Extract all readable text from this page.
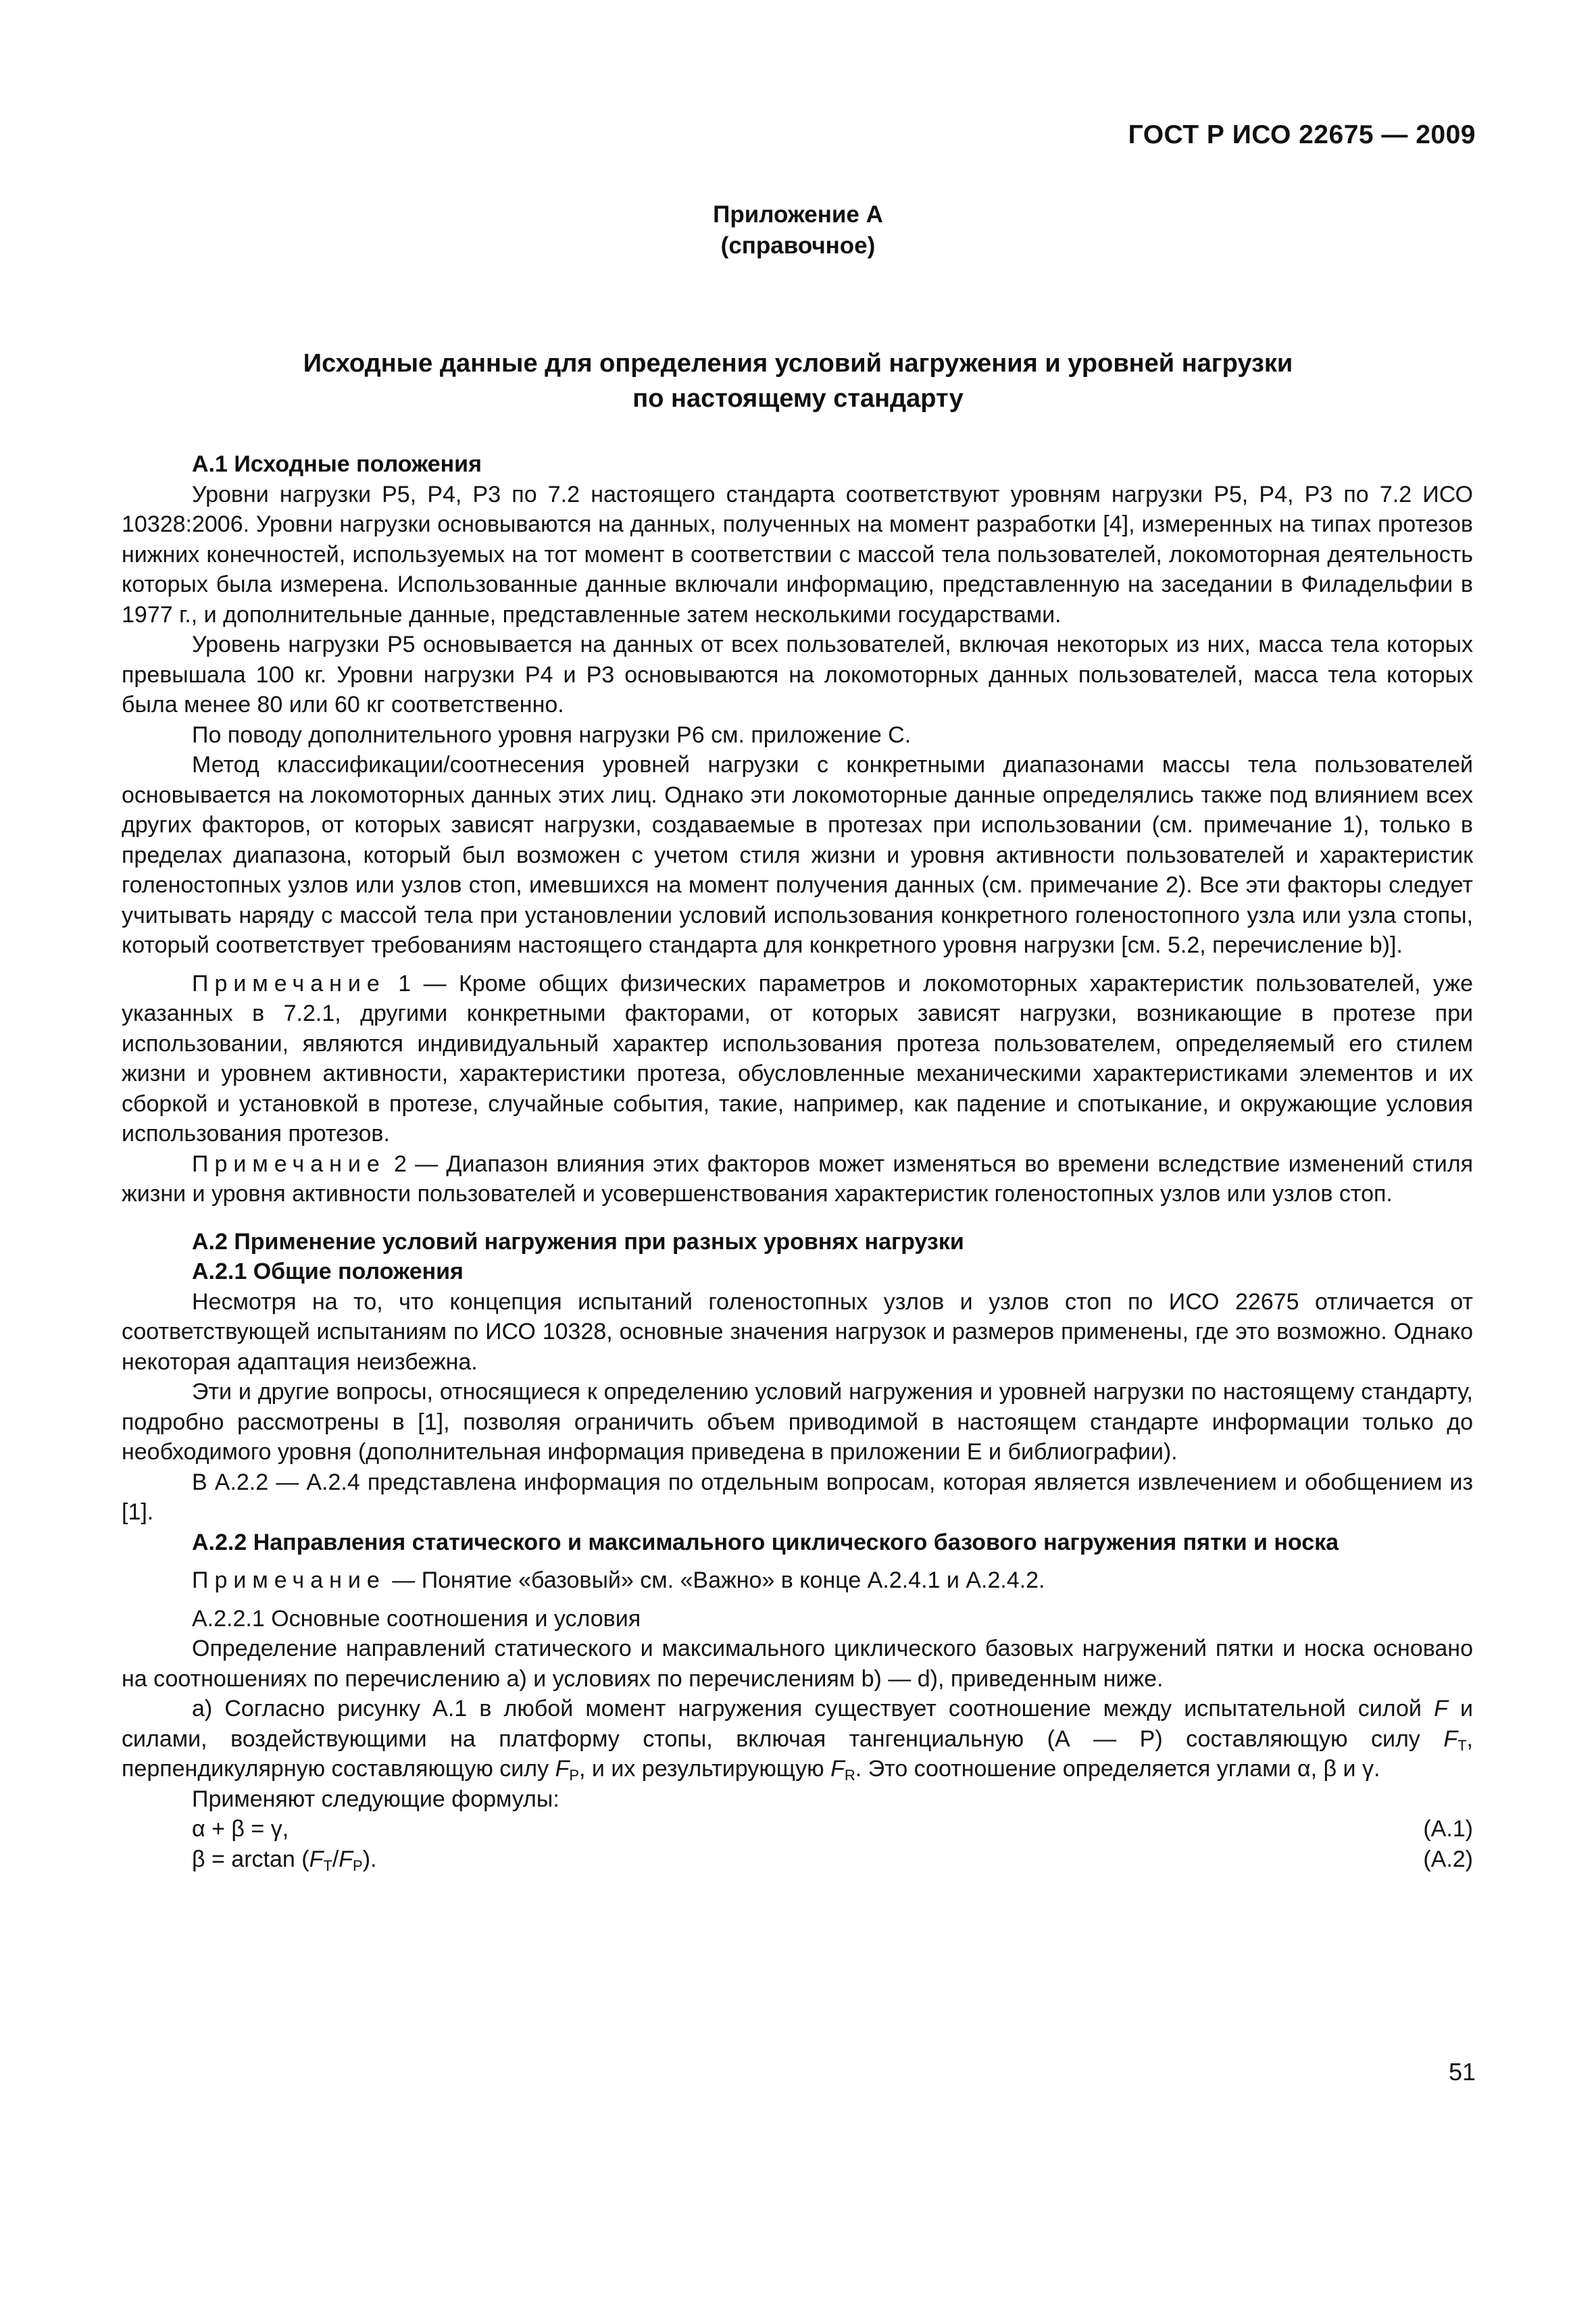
ГОСТ Р ИСО 22675 — 2009
Приложение А
(справочное)
Исходные данные для определения условий нагружения и уровней нагрузки
по настоящему стандарту

А.1 Исходные положения

Уровни нагрузки Р5, Р4, Р3 по 7.2 настоящего стандарта соответствуют уровням нагрузки Р5, Р4, Р3 по 7.2 ИСО 10328:2006. Уровни нагрузки основываются на данных, полученных на момент разработки [4], измеренных на типах протезов нижних конечностей, используемых на тот момент в соответствии с массой тела пользователей, локомоторная деятельность которых была измерена. Использованные данные включали информацию, представленную на заседании в Филадельфии в 1977 г., и дополнительные данные, представленные затем несколькими государствами.

Уровень нагрузки Р5 основывается на данных от всех пользователей, включая некоторых из них, масса тела которых превышала 100 кг. Уровни нагрузки Р4 и Р3 основываются на локомоторных данных пользователей, масса тела которых была менее 80 или 60 кг соответственно.

По поводу дополнительного уровня нагрузки Р6 см. приложение С.

Метод классификации/соотнесения уровней нагрузки с конкретными диапазонами массы тела пользователей основывается на локомоторных данных этих лиц. Однако эти локомоторные данные определялись также под влиянием всех других факторов, от которых зависят нагрузки, создаваемые в протезах при использовании (см. примечание 1), только в пределах диапазона, который был возможен с учетом стиля жизни и уровня активности пользователей и характеристик голеностопных узлов или узлов стоп, имевшихся на момент получения данных (см. примечание 2). Все эти факторы следует учитывать наряду с массой тела при установлении условий использования конкретного голеностопного узла или узла стопы, который соответствует требованиям настоящего стандарта для конкретного уровня нагрузки [см. 5.2, перечисление b)].

Примечание 1 — Кроме общих физических параметров и локомоторных характеристик пользователей, уже указанных в 7.2.1, другими конкретными факторами, от которых зависят нагрузки, возникающие в протезе при использовании, являются индивидуальный характер использования протеза пользователем, определяемый его стилем жизни и уровнем активности, характеристики протеза, обусловленные механическими характеристиками элементов и их сборкой и установкой в протезе, случайные события, такие, например, как падение и спотыкание, и окружающие условия использования протезов.

Примечание 2 — Диапазон влияния этих факторов может изменяться во времени вследствие изменений стиля жизни и уровня активности пользователей и усовершенствования характеристик голеностопных узлов или узлов стоп.

А.2 Применение условий нагружения при разных уровнях нагрузки

А.2.1 Общие положения

Несмотря на то, что концепция испытаний голеностопных узлов и узлов стоп по ИСО 22675 отличается от соответствующей испытаниям по ИСО 10328, основные значения нагрузок и размеров применены, где это возможно. Однако некоторая адаптация неизбежна.

Эти и другие вопросы, относящиеся к определению условий нагружения и уровней нагрузки по настоящему стандарту, подробно рассмотрены в [1], позволяя ограничить объем приводимой в настоящем стандарте информации только до необходимого уровня (дополнительная информация приведена в приложении Е и библиографии).

В А.2.2 — А.2.4 представлена информация по отдельным вопросам, которая является извлечением и обобщением из [1].

А.2.2 Направления статического и максимального циклического базового нагружения пятки и носка

Примечание — Понятие «базовый» см. «Важно» в конце А.2.4.1 и А.2.4.2.

А.2.2.1 Основные соотношения и условия

Определение направлений статического и максимального циклического базовых нагружений пятки и носка основано на соотношениях по перечислению а) и условиях по перечислениям b) — d), приведенным ниже.

а) Согласно рисунку А.1 в любой момент нагружения существует соотношение между испытательной силой F и силами, воздействующими на платформу стопы, включая тангенциальную (А — Р) составляющую силу $F_T$, перпендикулярную составляющую силу $F_P$, и их результирующую $F_R$. Это соотношение определяется углами α, β и γ.

Применяют следующие формулы:

α + β = γ,	(A.1)

$\beta = \arctan (F_T/F_P)$.	(A.2)

51
